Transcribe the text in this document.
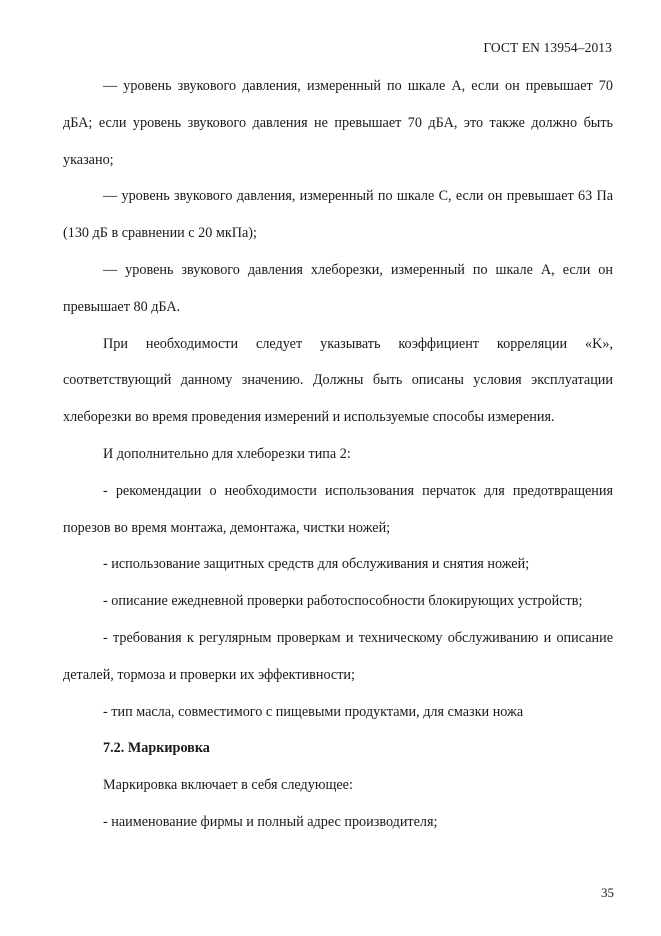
ГОСТ EN 13954–2013

— уровень звукового давления, измеренный по шкале А, если он превышает 70 дБА; если уровень звукового давления не превышает 70 дБА, это также должно быть указано;

— уровень звукового давления, измеренный по шкале С, если он превышает 63 Па (130 дБ в сравнении с 20 мкПа);

— уровень звукового давления хлеборезки, измеренный по шкале А, если он превышает 80 дБА.

При необходимости следует указывать коэффициент корреляции «K», соответствующий данному значению. Должны быть описаны условия эксплуатации хлеборезки во время проведения измерений и используемые способы измерения.

И дополнительно для хлеборезки типа 2:

- рекомендации о необходимости использования перчаток для предотвращения порезов во время монтажа, демонтажа, чистки ножей;

- использование защитных средств для обслуживания и снятия ножей;

- описание ежедневной проверки работоспособности блокирующих устройств;

- требования к регулярным проверкам и техническому обслуживанию и описание деталей, тормоза и проверки их эффективности;

- тип масла, совместимого с пищевыми продуктами, для смазки ножа

7.2. Маркировка

Маркировка включает в себя следующее:

- наименование фирмы и полный адрес производителя;

35
